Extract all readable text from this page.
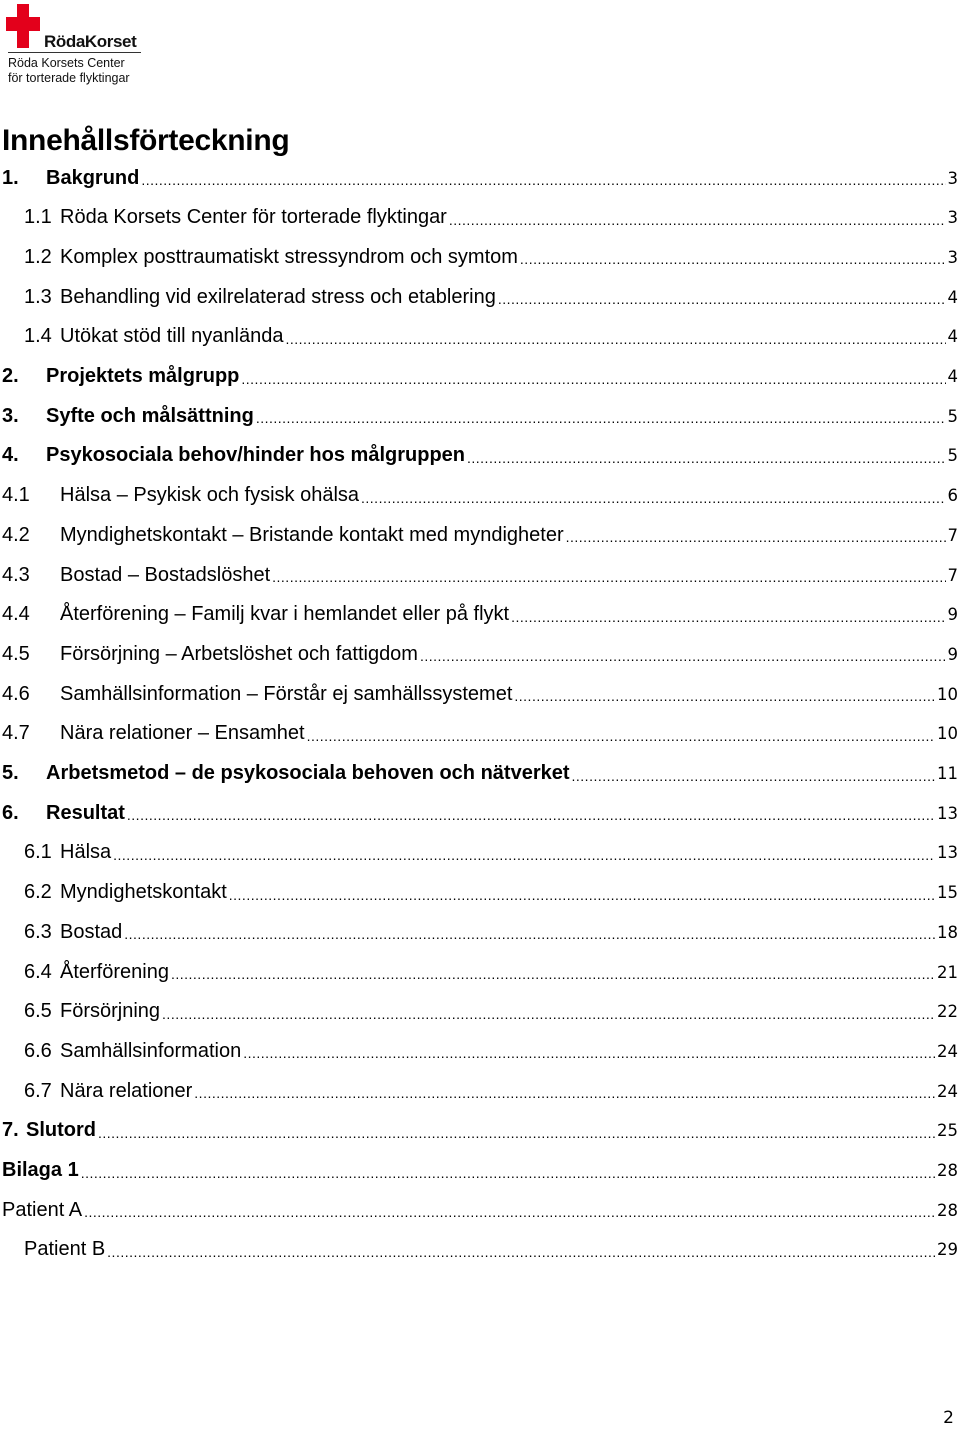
RödaKorset
Röda Korsets Center
för torterade flyktingar
Innehållsförteckning
1.	Bakgrund .....	3
1.1 Röda Korsets Center för torterade flyktingar .....	3
1.2 Komplex posttraumatiskt stressyndrom och symtom .....	3
1.3 Behandling vid exilrelaterad stress och etablering .....	4
1.4 Utökat stöd till nyanlända .....	4
2.	Projektets målgrupp .....	4
3.	Syfte och målsättning .....	5
4.	Psykosociala behov/hinder hos målgruppen .....	5
4.1	Hälsa – Psykisk och fysisk ohälsa .....	6
4.2	Myndighetskontakt – Bristande kontakt med myndigheter .....	7
4.3	Bostad – Bostadslöshet .....	7
4.4	Återförening – Familj kvar i hemlandet eller på flykt .....	9
4.5	Försörjning – Arbetslöshet och fattigdom .....	9
4.6	Samhällsinformation – Förstår ej samhällssystemet .....	10
4.7	Nära relationer – Ensamhet .....	10
5.	Arbetsmetod – de psykosociala behoven och nätverket .....	11
6.	Resultat .....	13
6.1 Hälsa .....	13
6.2 Myndighetskontakt .....	15
6.3 Bostad .....	18
6.4 Återförening .....	21
6.5 Försörjning .....	22
6.6 Samhällsinformation .....	24
6.7 Nära relationer .....	24
7. Slutord .....	25
Bilaga 1 .....	28
Patient A .....	28
Patient B .....	29
2
